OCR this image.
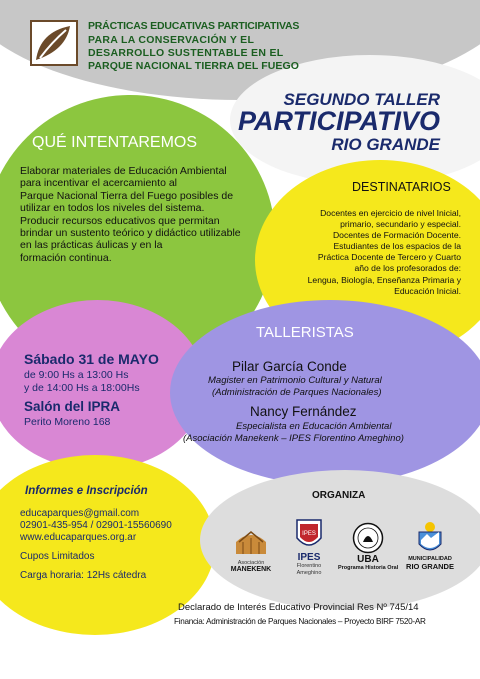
PRÁCTICAS EDUCATIVAS PARTICIPATIVAS
PARA LA CONSERVACIÓN Y EL
DESARROLLO SUSTENTABLE EN EL
PARQUE NACIONAL TIERRA DEL FUEGO
SEGUNDO TALLER
PARTICIPATIVO
RIO GRANDE
QUÉ INTENTAREMOS
Elaborar materiales de Educación Ambiental
para incentivar el acercamiento al
Parque Nacional Tierra del Fuego posibles de
utilizar en todos los niveles del sistema.
Producir recursos educativos que permitan
brindar un sustento teórico y didáctico utilizable
en las prácticas áulicas y en la
formación continua.
DESTINATARIOS
Docentes en ejercicio de nivel Inicial,
primario, secundario y especial.
Docentes de Formación Docente.
Estudiantes de los espacios de la
Práctica Docente de Tercero y Cuarto
año de los profesorados de:
Lengua, Biología, Enseñanza Primaria y
Educación Inicial.
Sábado 31 de MAYO
de 9:00 Hs a 13:00 Hs
y de 14:00 Hs a 18:00Hs
Salón del IPRA
Perito Moreno 168
TALLERISTAS
Pilar García Conde
Magister en Patrimonio Cultural y Natural
(Administración de Parques Nacionales)
Nancy Fernández
Especialista en Educación Ambiental
(Asociación Manekenk – IPES Florentino Ameghino)
Informes e Inscripción
educaparques@gmail.com
02901-435-954 / 02901-15560690
www.educaparques.org.ar
Cupos Limitados
Carga horaria: 12Hs cátedra
ORGANIZA
Asociación
MANEKENK
IPES
IPES
Florentino Ameghino
UBA
Programa Historia Oral
MUNICIPALIDAD
RIO GRANDE
Declarado de Interés Educativo Provincial Res Nº 745/14
Financia: Administración de Parques Nacionales – Proyecto BIRF 7520-AR
